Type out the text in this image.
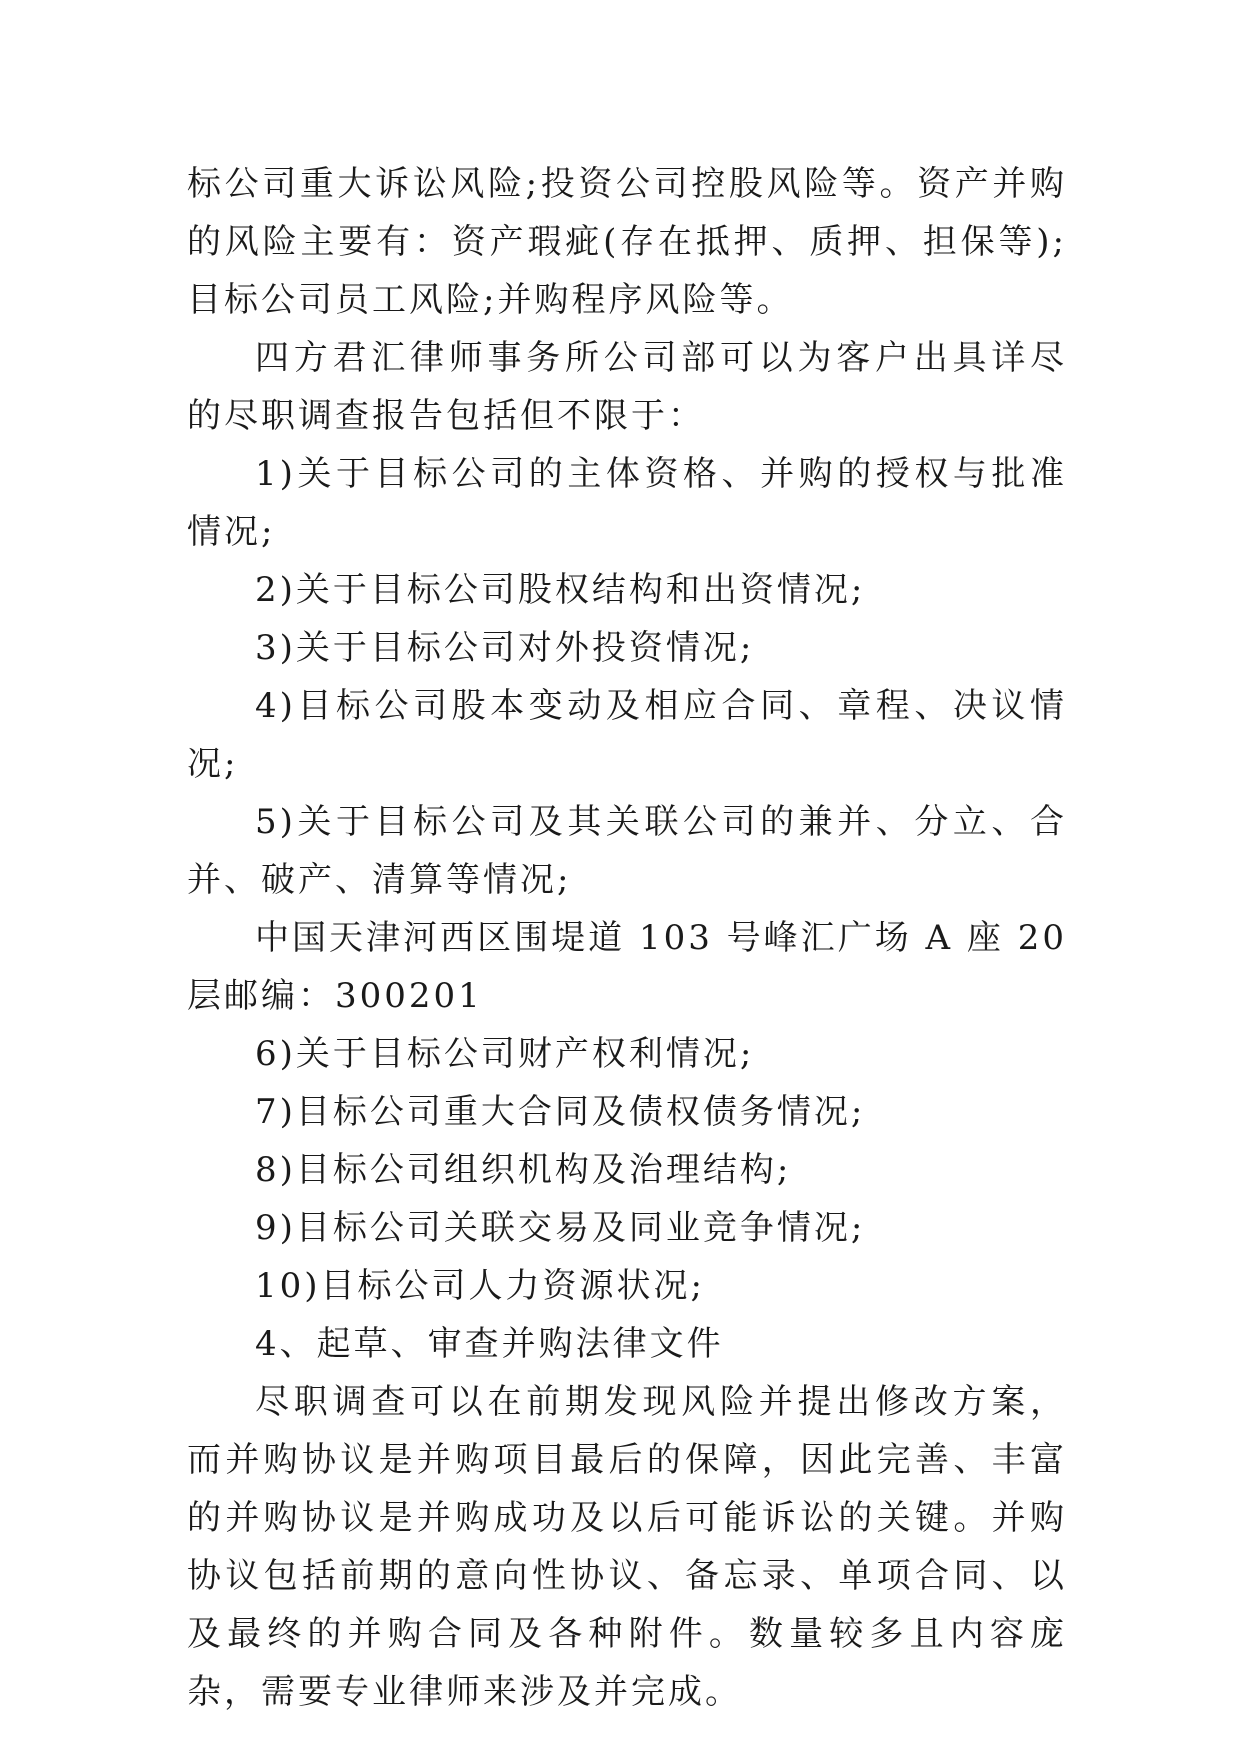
标公司重大诉讼风险;投资公司控股风险等。资产并购的风险主要有：资产瑕疵(存在抵押、质押、担保等);目标公司员工风险;并购程序风险等。

四方君汇律师事务所公司部可以为客户出具详尽的尽职调查报告包括但不限于：

1)关于目标公司的主体资格、并购的授权与批准情况;

2)关于目标公司股权结构和出资情况;

3)关于目标公司对外投资情况;

4)目标公司股本变动及相应合同、章程、决议情况;

5)关于目标公司及其关联公司的兼并、分立、合并、破产、清算等情况;

中国天津河西区围堤道 103 号峰汇广场 A 座 20 层邮编：300201

6)关于目标公司财产权利情况;

7)目标公司重大合同及债权债务情况;

8)目标公司组织机构及治理结构;

9)目标公司关联交易及同业竞争情况;

10)目标公司人力资源状况;

4、起草、审查并购法律文件

尽职调查可以在前期发现风险并提出修改方案，而并购协议是并购项目最后的保障，因此完善、丰富的并购协议是并购成功及以后可能诉讼的关键。并购协议包括前期的意向性协议、备忘录、单项合同、以及最终的并购合同及各种附件。数量较多且内容庞杂，需要专业律师来涉及并完成。
